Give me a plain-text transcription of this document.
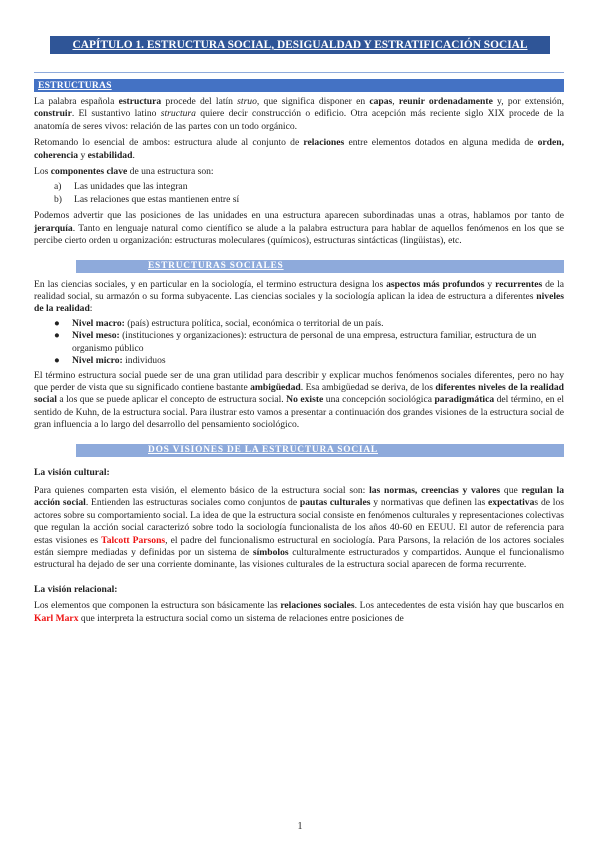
CAPÍTULO 1. ESTRUCTURA SOCIAL, DESIGUALDAD Y ESTRATIFICACIÓN SOCIAL
ESTRUCTURAS

La palabra española estructura procede del latín struo, que significa disponer en capas, reunir ordenadamente y, por extensión, construir. El sustantivo latino structura quiere decir construcción o edificio. Otra acepción más reciente siglo XIX procede de la anatomía de seres vivos: relación de las partes con un todo orgánico.

Retomando lo esencial de ambos: estructura alude al conjunto de relaciones entre elementos dotados en alguna medida de orden, coherencia y estabilidad.

Los componentes clave de una estructura son:

a) Las unidades que las integran
b) Las relaciones que estas mantienen entre sí

Podemos advertir que las posiciones de las unidades en una estructura aparecen subordinadas unas a otras, hablamos por tanto de jerarquía. Tanto en lenguaje natural como científico se alude a la palabra estructura para hablar de aquellos fenómenos en los que se percibe cierto orden u organización: estructuras moleculares (químicos), estructuras sintácticas (lingüistas), etc.

ESTRUCTURAS SOCIALES

En las ciencias sociales, y en particular en la sociología, el termino estructura designa los aspectos más profundos y recurrentes de la realidad social, su armazón o su forma subyacente. Las ciencias sociales y la sociología aplican la idea de estructura a diferentes niveles de la realidad:

● Nivel macro: (país) estructura política, social, económica o territorial de un país.
● Nivel meso: (instituciones y organizaciones): estructura de personal de una empresa, estructura familiar, estructura de un organismo público
● Nivel micro: individuos

El término estructura social puede ser de una gran utilidad para describir y explicar muchos fenómenos sociales diferentes, pero no hay que perder de vista que su significado contiene bastante ambigüedad. Esa ambigüedad se deriva, de los diferentes niveles de la realidad social a los que se puede aplicar el concepto de estructura social. No existe una concepción sociológica paradigmática del término, en el sentido de Kuhn, de la estructura social. Para ilustrar esto vamos a presentar a continuación dos grandes visiones de la estructura social de gran influencia a lo largo del desarrollo del pensamiento sociológico.

DOS VISIONES DE LA ESTRUCTURA SOCIAL

La visión cultural:

Para quienes comparten esta visión, el elemento básico de la estructura social son: las normas, creencias y valores que regulan la acción social. Entienden las estructuras sociales como conjuntos de pautas culturales y normativas que definen las expectativas de los actores sobre su comportamiento social. La idea de que la estructura social consiste en fenómenos culturales y representaciones colectivas que regulan la acción social caracterizó sobre todo la sociología funcionalista de los años 40-60 en EEUU. El autor de referencia para estas visiones es Talcott Parsons, el padre del funcionalismo estructural en sociología. Para Parsons, la relación de los actores sociales están siempre mediadas y definidas por un sistema de símbolos culturalmente estructurados y compartidos. Aunque el funcionalismo estructural ha dejado de ser una corriente dominante, las visiones culturales de la estructura social aparecen de forma recurrente.

La visión relacional:

Los elementos que componen la estructura son básicamente las relaciones sociales. Los antecedentes de esta visión hay que buscarlos en Karl Marx que interpreta la estructura social como un sistema de relaciones entre posiciones de

1
